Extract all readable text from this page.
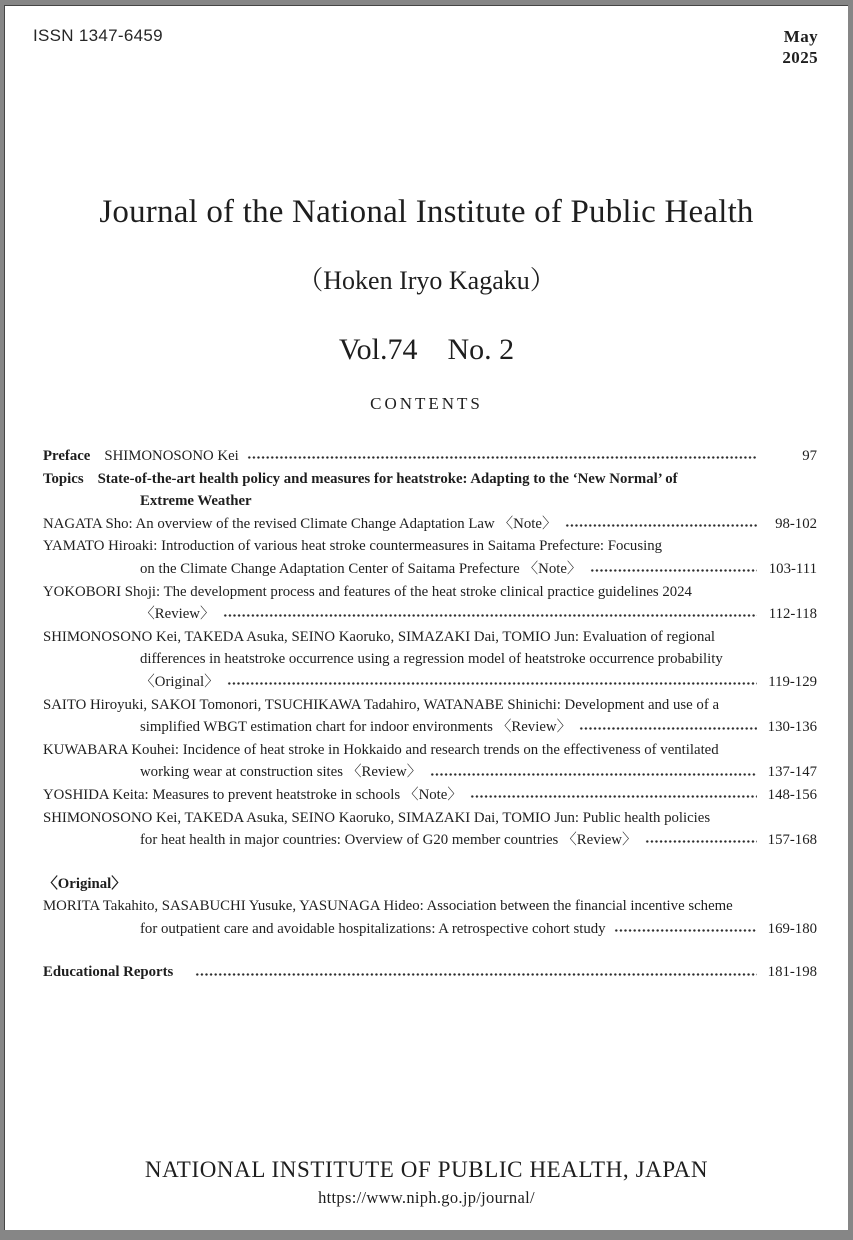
ISSN 1347-6459	May
2025
Journal of the National Institute of Public Health
（Hoken Iryo Kagaku）
Vol.74　No. 2
CONTENTS
Preface SHIMONOSONO Kei	97
Topics State-of-the-art health policy and measures for heatstroke: Adapting to the ‘New Normal’ of
Extreme Weather
NAGATA Sho: An overview of the revised Climate Change Adaptation Law 〈Note〉	98-102
YAMATO Hiroaki: Introduction of various heat stroke countermeasures in Saitama Prefecture: Focusing
on the Climate Change Adaptation Center of Saitama Prefecture 〈Note〉	103-111
YOKOBORI Shoji: The development process and features of the heat stroke clinical practice guidelines 2024
〈Review〉	112-118
SHIMONOSONO Kei, TAKEDA Asuka, SEINO Kaoruko, SIMAZAKI Dai, TOMIO Jun: Evaluation of regional
differences in heatstroke occurrence using a regression model of heatstroke occurrence probability
〈Original〉	119-129
SAITO Hiroyuki, SAKOI Tomonori, TSUCHIKAWA Tadahiro, WATANABE Shinichi: Development and use of a
simplified WBGT estimation chart for indoor environments 〈Review〉	130-136
KUWABARA Kouhei: Incidence of heat stroke in Hokkaido and research trends on the effectiveness of ventilated
working wear at construction sites 〈Review〉	137-147
YOSHIDA Keita: Measures to prevent heatstroke in schools 〈Note〉	148-156
SHIMONOSONO Kei, TAKEDA Asuka, SEINO Kaoruko, SIMAZAKI Dai, TOMIO Jun: Public health policies
for heat health in major countries: Overview of G20 member countries 〈Review〉	157-168
〈Original〉
MORITA Takahito, SASABUCHI Yusuke, YASUNAGA Hideo: Association between the financial incentive scheme
for outpatient care and avoidable hospitalizations: A retrospective cohort study	169-180
Educational Reports	181-198
NATIONAL INSTITUTE OF PUBLIC HEALTH, JAPAN
https://www.niph.go.jp/journal/
